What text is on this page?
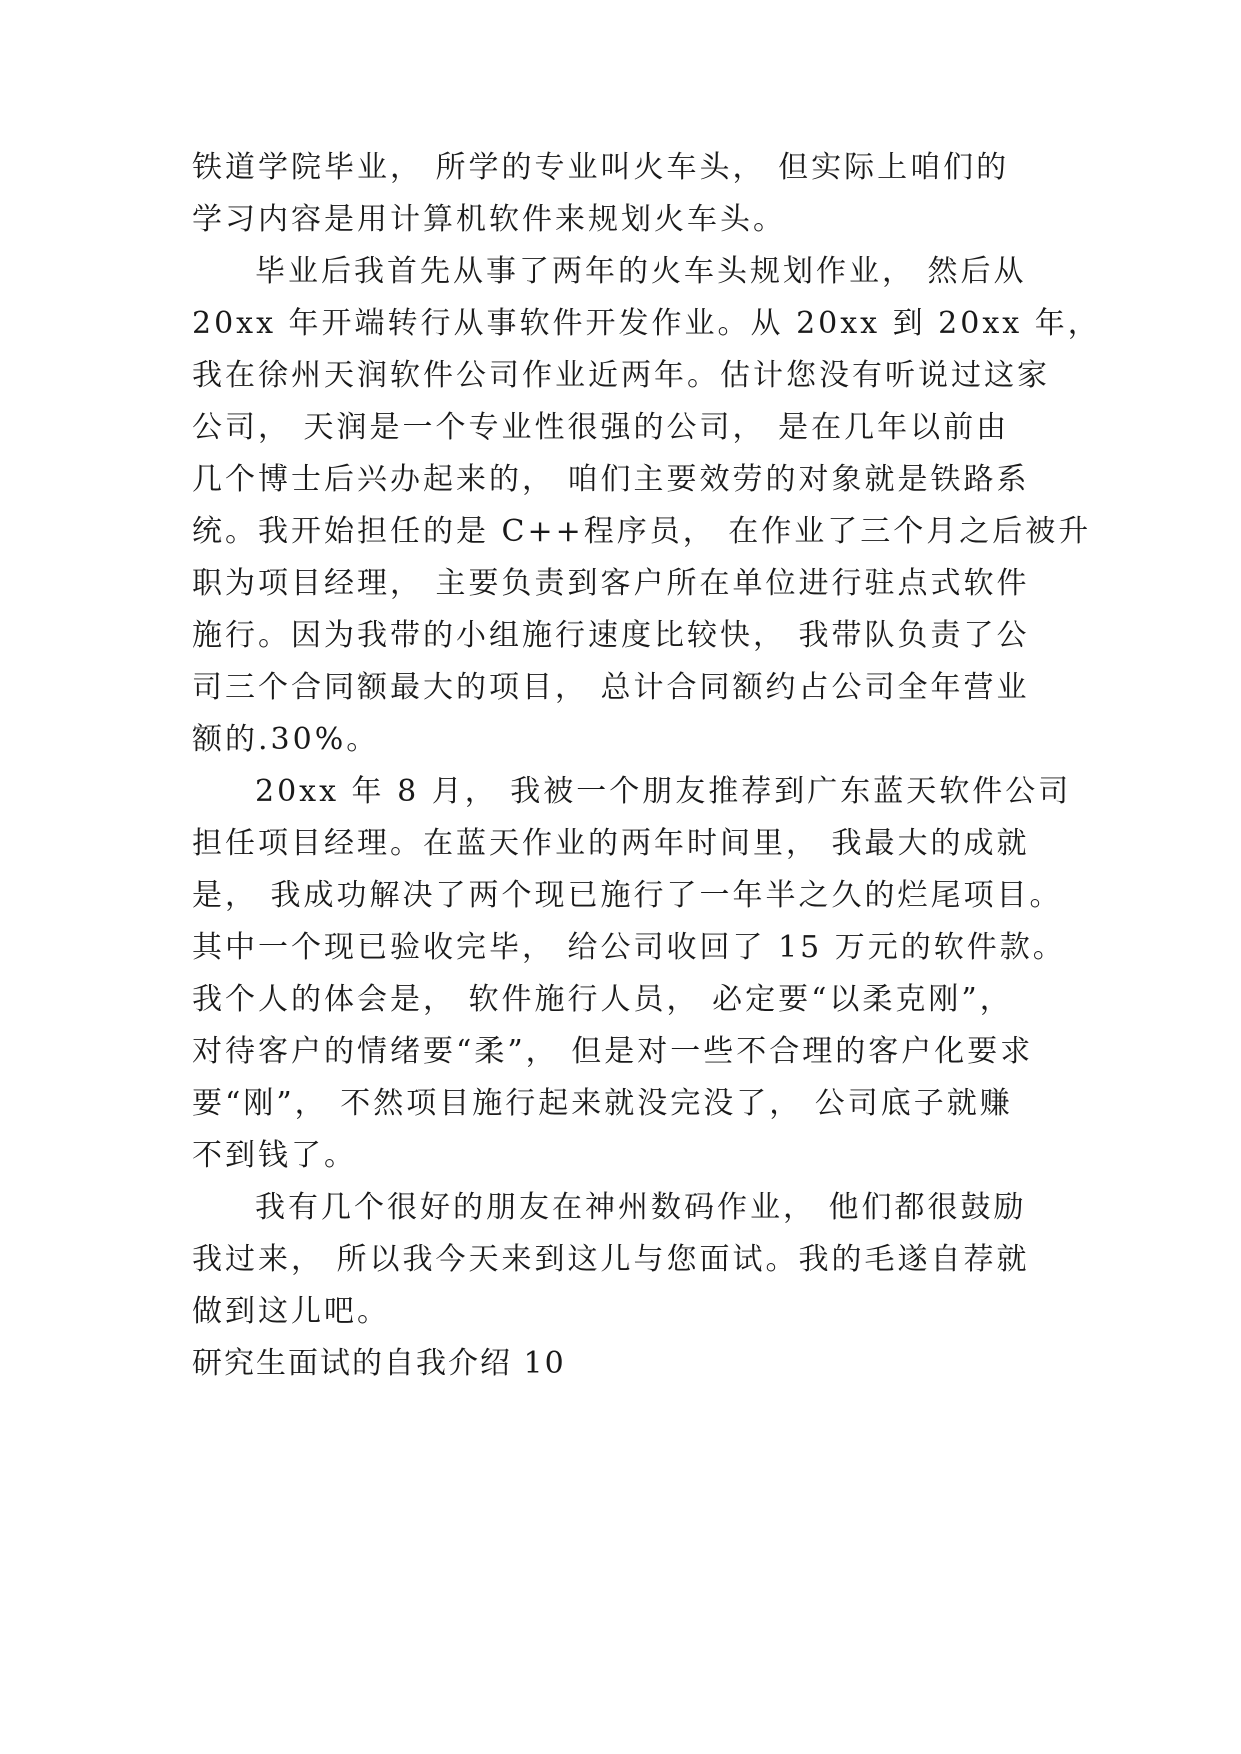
铁道学院毕业， 所学的专业叫火车头， 但实际上咱们的
学习内容是用计算机软件来规划火车头。
毕业后我首先从事了两年的火车头规划作业， 然后从
20xx 年开端转行从事软件开发作业。从 20xx 到 20xx 年，
我在徐州天润软件公司作业近两年。估计您没有听说过这家
公司， 天润是一个专业性很强的公司， 是在几年以前由
几个博士后兴办起来的， 咱们主要效劳的对象就是铁路系
统。我开始担任的是 C++程序员， 在作业了三个月之后被升
职为项目经理， 主要负责到客户所在单位进行驻点式软件
施行。因为我带的小组施行速度比较快， 我带队负责了公
司三个合同额最大的项目， 总计合同额约占公司全年营业
额的.30%。
20xx 年 8 月， 我被一个朋友推荐到广东蓝天软件公司
担任项目经理。在蓝天作业的两年时间里， 我最大的成就
是， 我成功解决了两个现已施行了一年半之久的烂尾项目。
其中一个现已验收完毕， 给公司收回了 15 万元的软件款。
我个人的体会是， 软件施行人员， 必定要“以柔克刚”，
对待客户的情绪要“柔”， 但是对一些不合理的客户化要求
要“刚”， 不然项目施行起来就没完没了， 公司底子就赚
不到钱了。
我有几个很好的朋友在神州数码作业， 他们都很鼓励
我过来， 所以我今天来到这儿与您面试。我的毛遂自荐就
做到这儿吧。
研究生面试的自我介绍 10
